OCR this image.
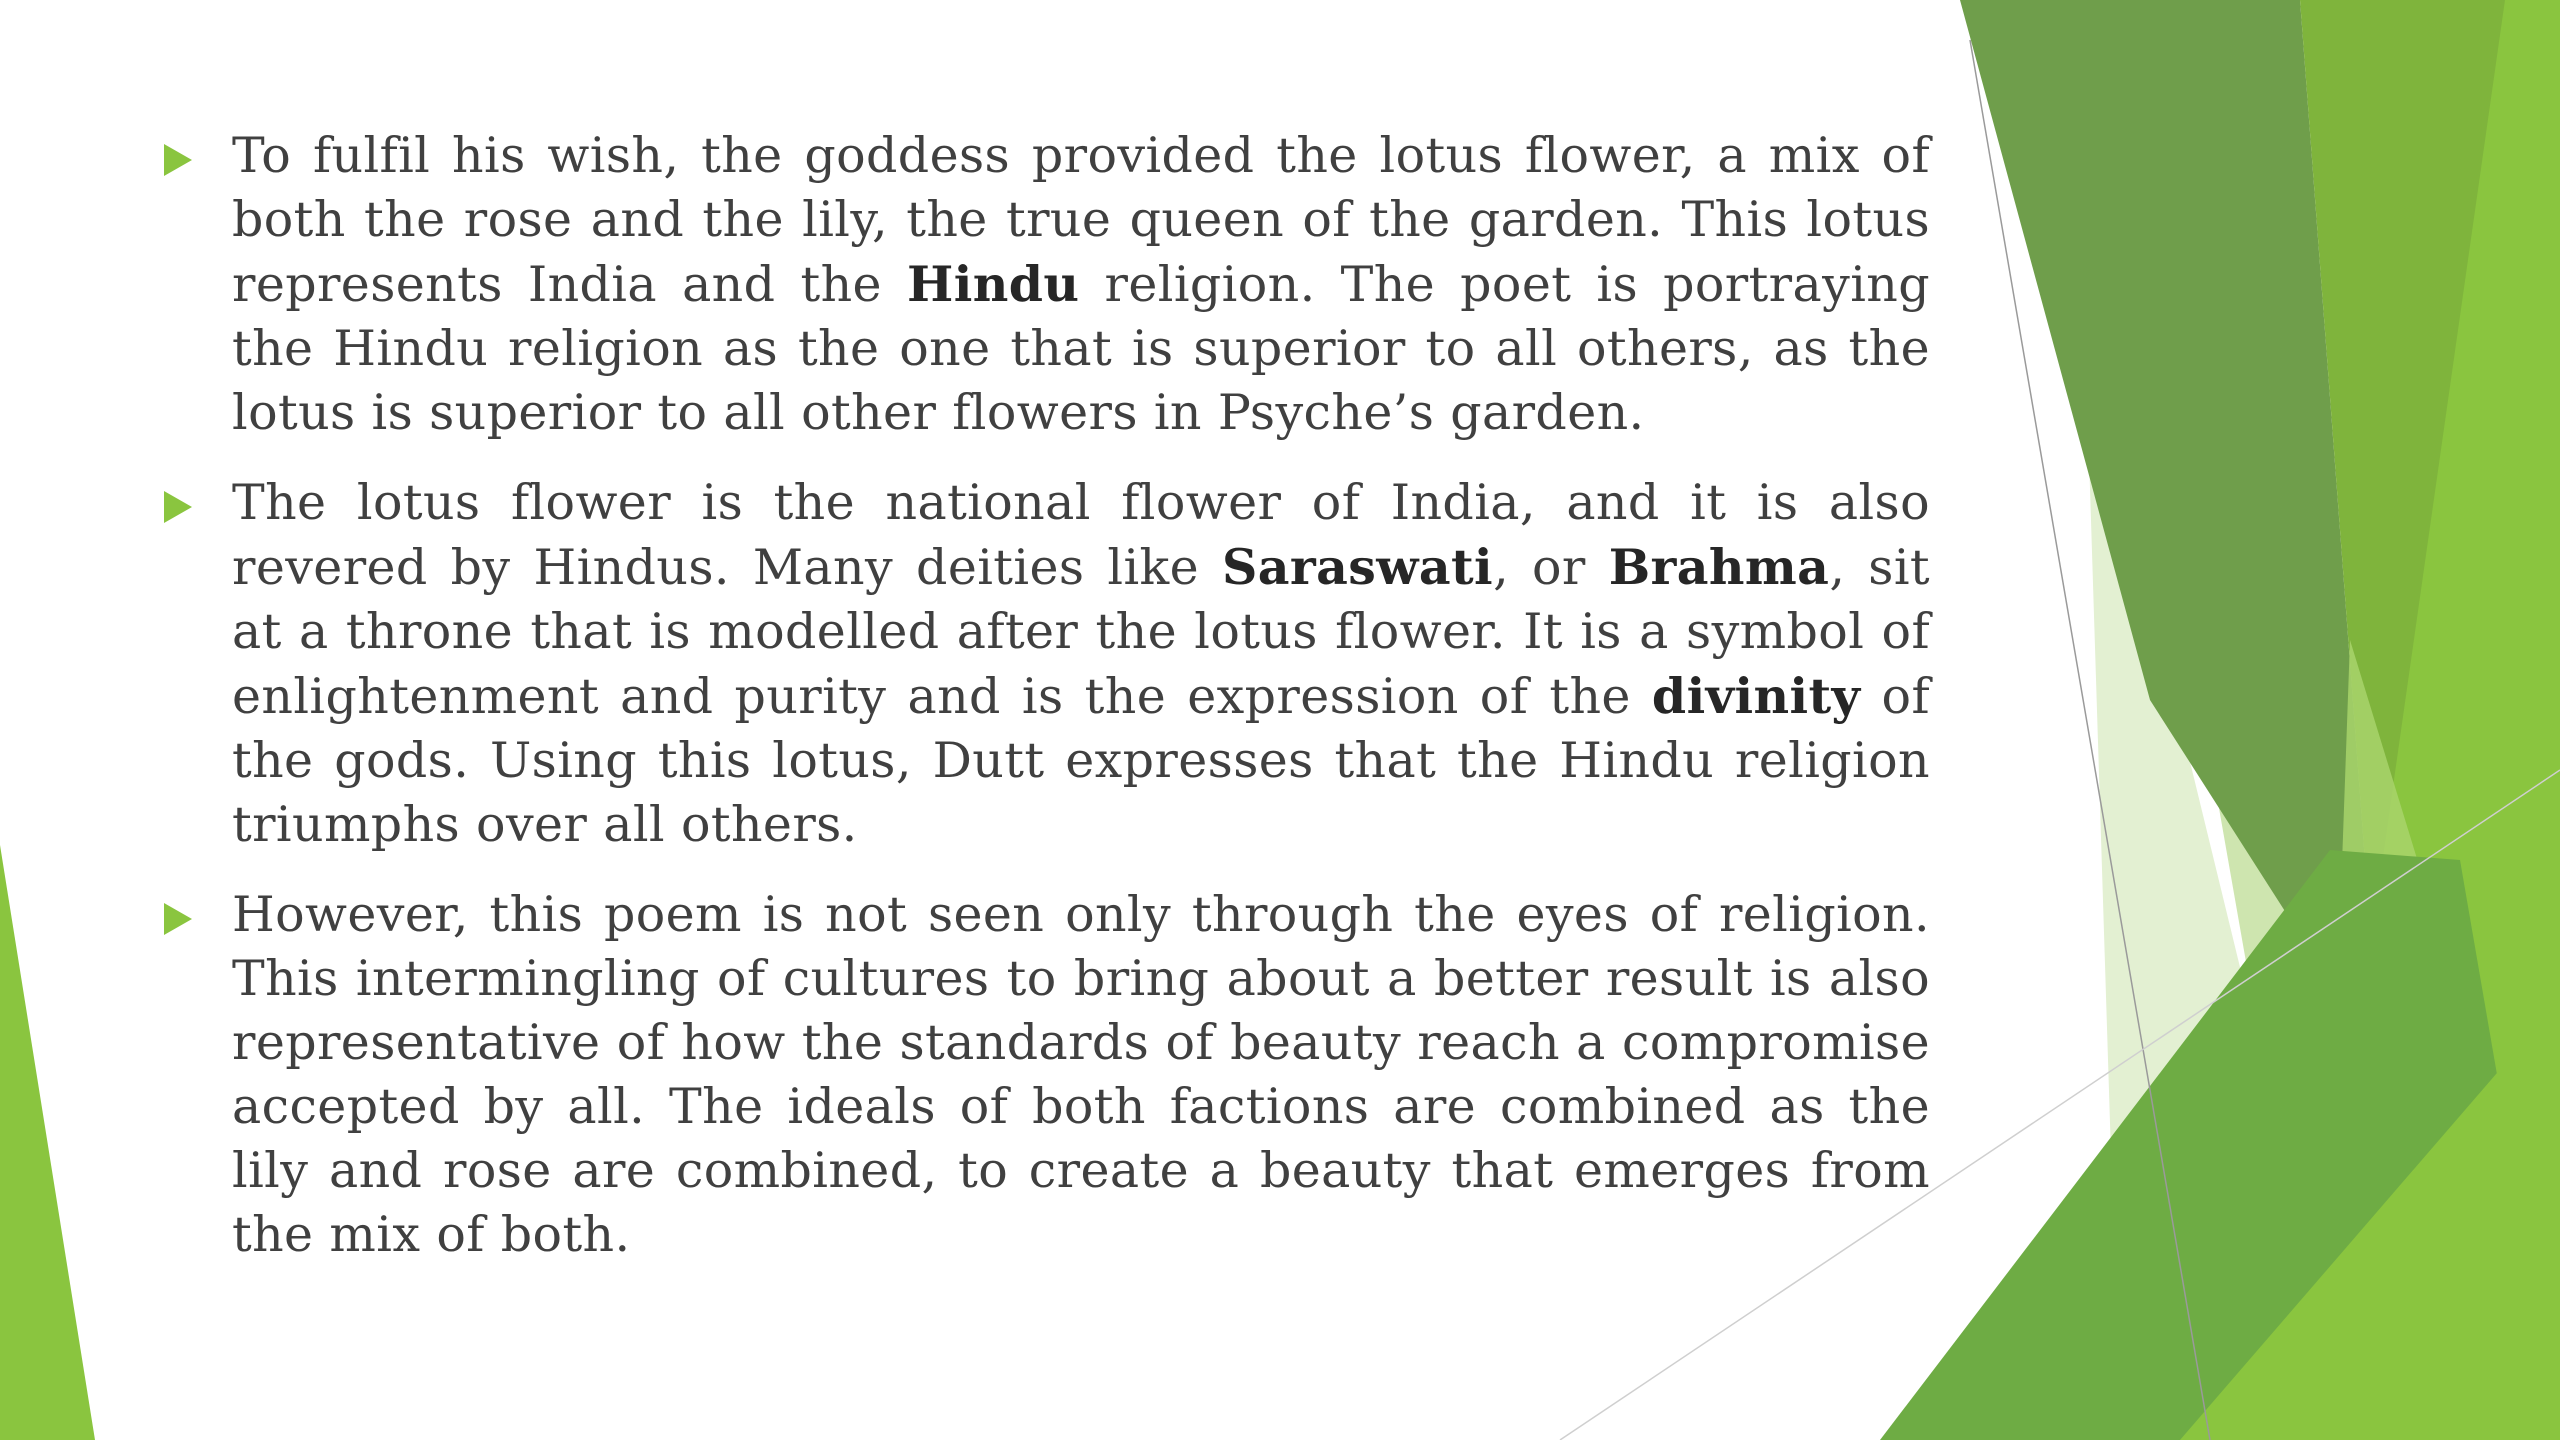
To fulfil his wish, the goddess provided the lotus flower, a mix of both the rose and the lily, the true queen of the garden. This lotus represents India and the Hindu religion. The poet is portraying the Hindu religion as the one that is superior to all others, as the lotus is superior to all other flowers in Psyche’s garden.
The lotus flower is the national flower of India, and it is also revered by Hindus. Many deities like Saraswati, or Brahma, sit at a throne that is modelled after the lotus flower. It is a symbol of enlightenment and purity and is the expression of the divinity of the gods. Using this lotus, Dutt expresses that the Hindu religion triumphs over all others.
However, this poem is not seen only through the eyes of religion. This intermingling of cultures to bring about a better result is also representative of how the standards of beauty reach a compromise accepted by all. The ideals of both factions are combined as the lily and rose are combined, to create a beauty that emerges from the mix of both.
